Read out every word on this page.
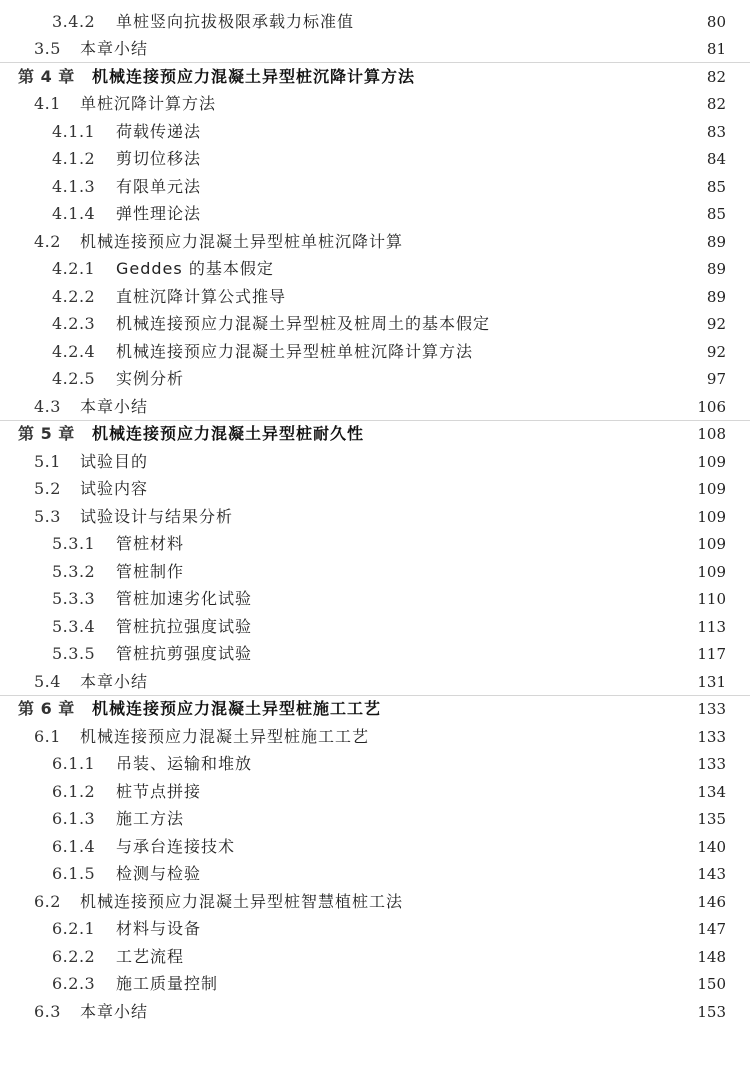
3.4.2	单桩竖向抗拔极限承载力标准值	80
3.5	本章小结	81
第 4 章	机械连接预应力混凝土异型桩沉降计算方法	82
4.1	单桩沉降计算方法	82
4.1.1	荷载传递法	83
4.1.2	剪切位移法	84
4.1.3	有限单元法	85
4.1.4	弹性理论法	85
4.2	机械连接预应力混凝土异型桩单桩沉降计算	89
4.2.1	Geddes 的基本假定	89
4.2.2	直桩沉降计算公式推导	89
4.2.3	机械连接预应力混凝土异型桩及桩周土的基本假定	92
4.2.4	机械连接预应力混凝土异型桩单桩沉降计算方法	92
4.2.5	实例分析	97
4.3	本章小结	106
第 5 章	机械连接预应力混凝土异型桩耐久性	108
5.1	试验目的	109
5.2	试验内容	109
5.3	试验设计与结果分析	109
5.3.1	管桩材料	109
5.3.2	管桩制作	109
5.3.3	管桩加速劣化试验	110
5.3.4	管桩抗拉强度试验	113
5.3.5	管桩抗剪强度试验	117
5.4	本章小结	131
第 6 章	机械连接预应力混凝土异型桩施工工艺	133
6.1	机械连接预应力混凝土异型桩施工工艺	133
6.1.1	吊装、运输和堆放	133
6.1.2	桩节点拼接	134
6.1.3	施工方法	135
6.1.4	与承台连接技术	140
6.1.5	检测与检验	143
6.2	机械连接预应力混凝土异型桩智慧植桩工法	146
6.2.1	材料与设备	147
6.2.2	工艺流程	148
6.2.3	施工质量控制	150
6.3	本章小结	153
